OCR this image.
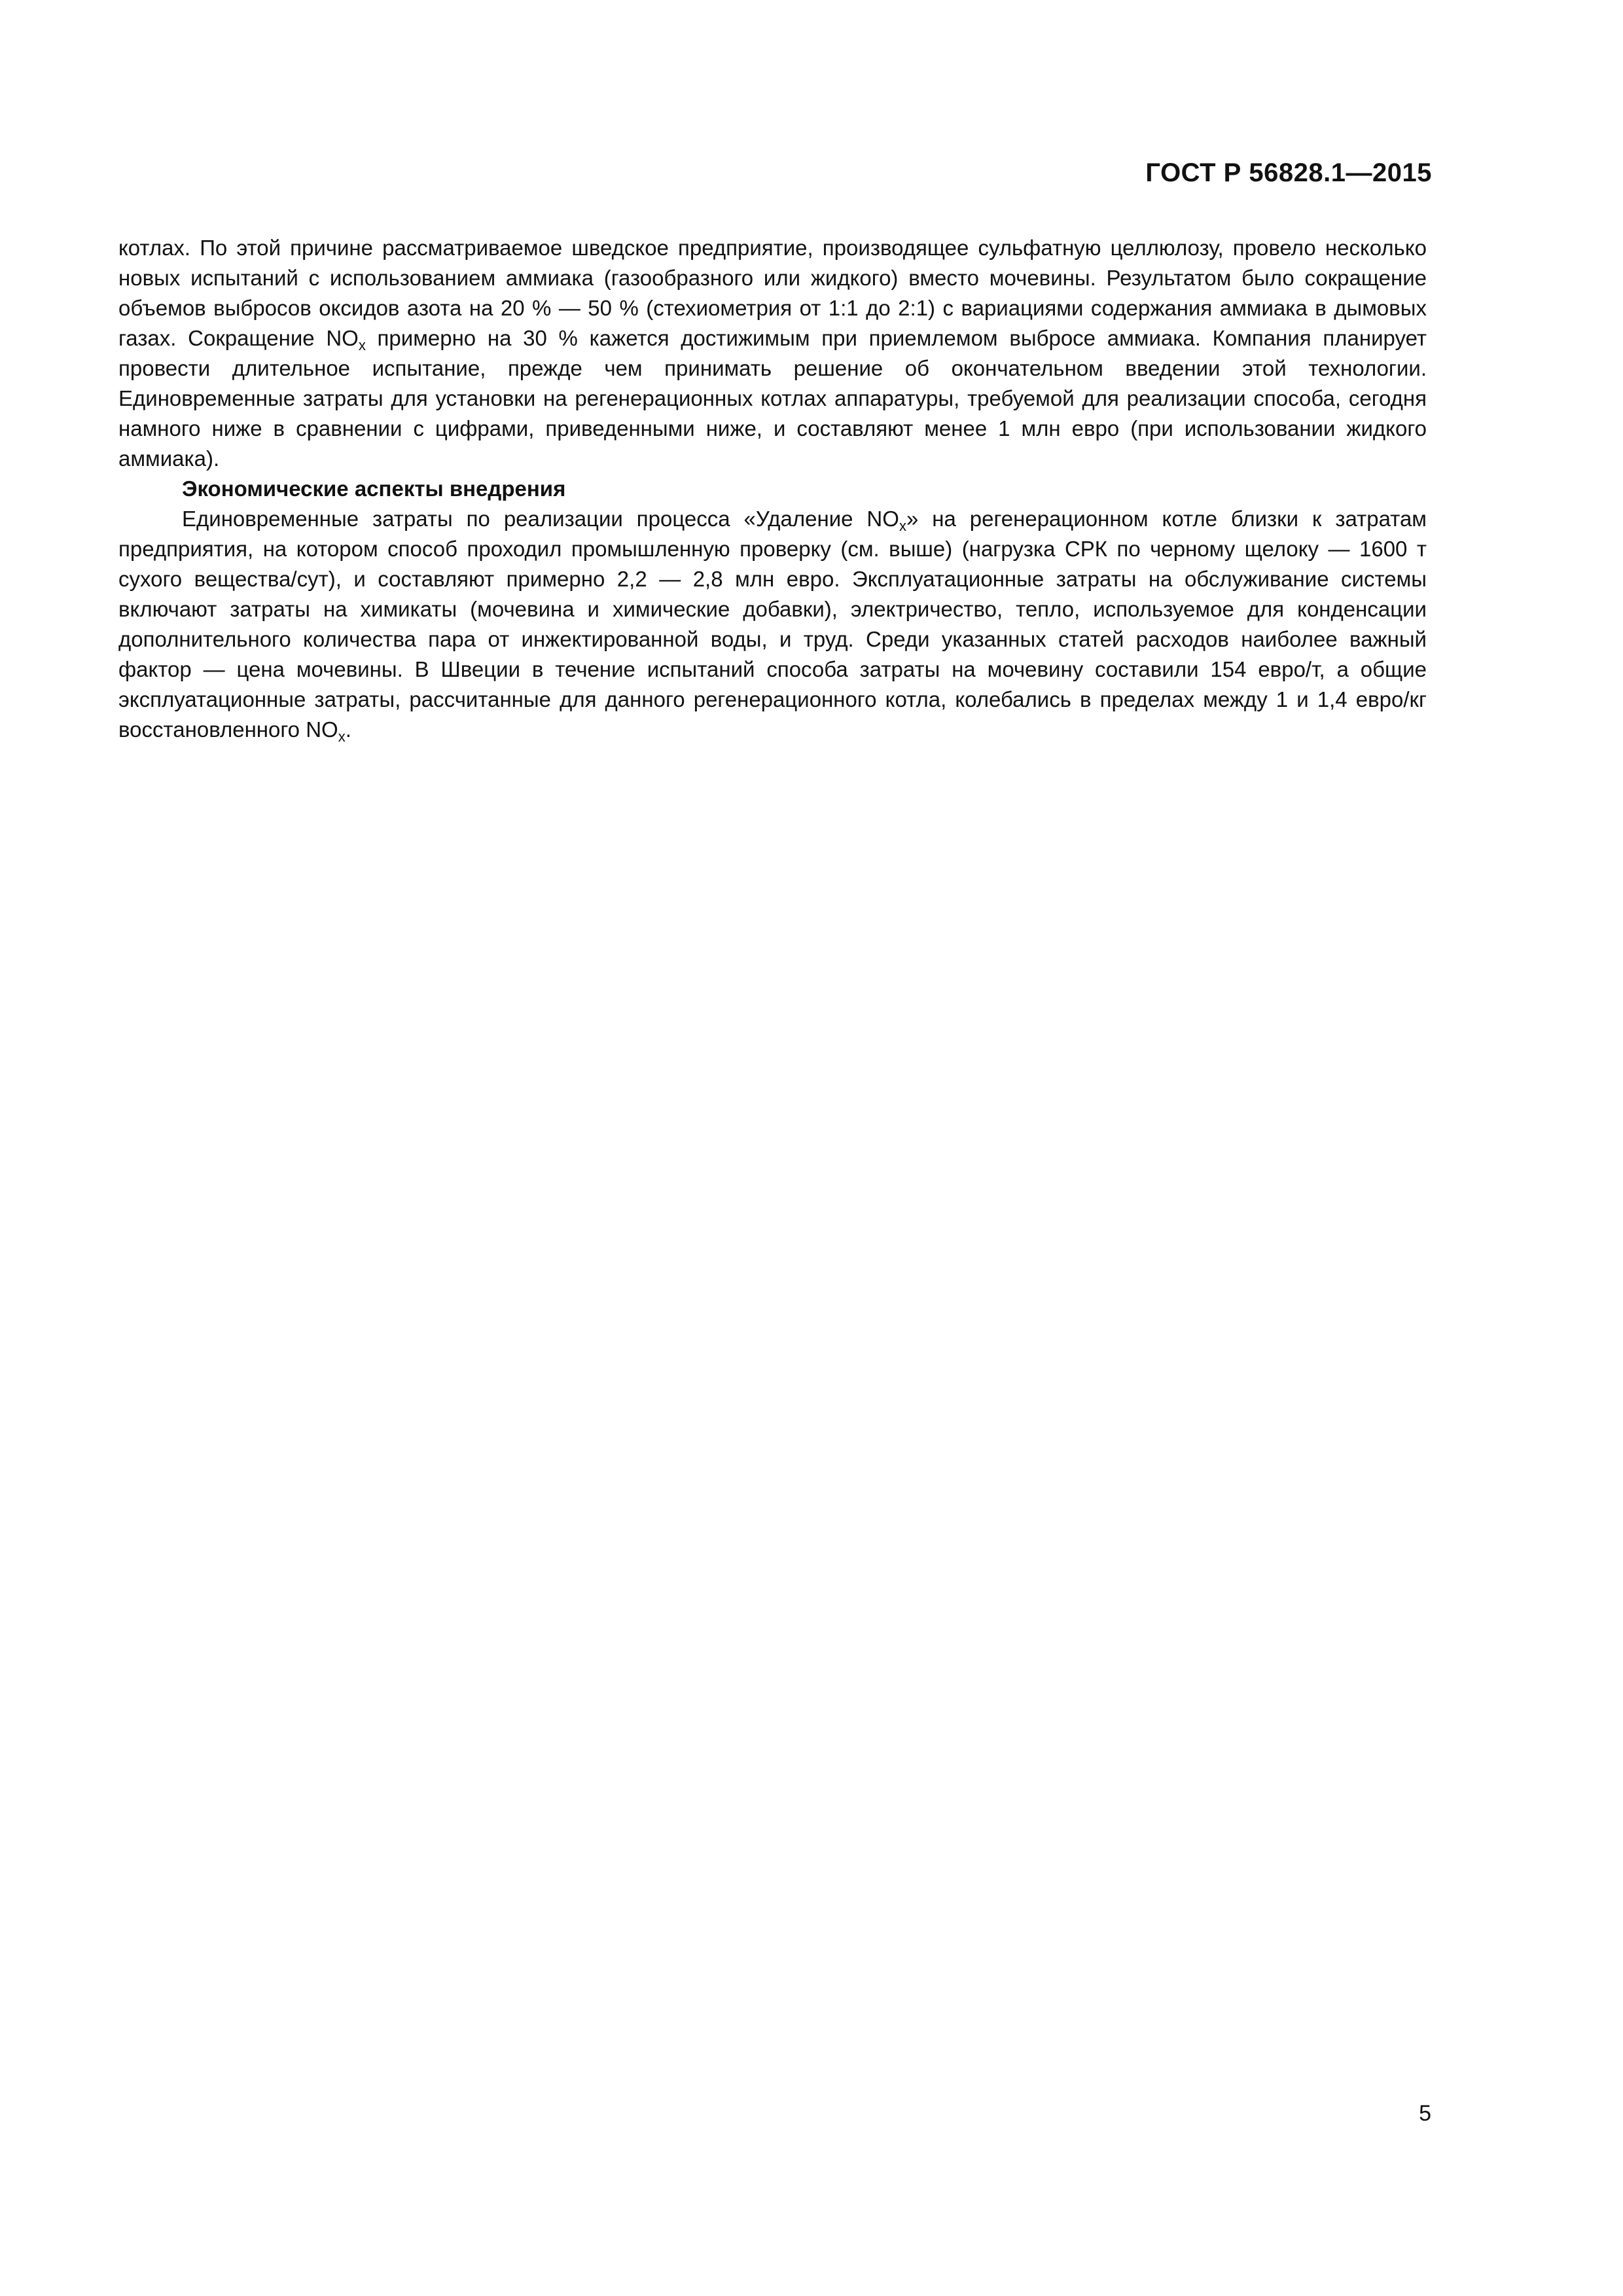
ГОСТ Р 56828.1—2015

котлах. По этой причине рассматриваемое шведское предприятие, производящее сульфатную целлюлозу, провело несколько новых испытаний с использованием аммиака (газообразного или жидкого) вместо мочевины. Результатом было сокращение объемов выбросов оксидов азота на 20 % — 50 % (стехиометрия от 1:1 до 2:1) с вариациями содержания аммиака в дымовых газах. Сокращение $NO_x$ примерно на 30 % кажется достижимым при приемлемом выбросе аммиака. Компания планирует провести длительное испытание, прежде чем принимать решение об окончательном введении этой технологии. Единовременные затраты для установки на регенерационных котлах аппаратуры, требуемой для реализации способа, сегодня намного ниже в сравнении с цифрами, приведенными ниже, и составляют менее 1 млн евро (при использовании жидкого аммиака).

Экономические аспекты внедрения

Единовременные затраты по реализации процесса «Удаление $NO_x$» на регенерационном котле близки к затратам предприятия, на котором способ проходил промышленную проверку (см. выше) (нагрузка СРК по черному щелоку — 1600 т сухого вещества/сут), и составляют примерно 2,2 — 2,8 млн евро. Эксплуатационные затраты на обслуживание системы включают затраты на химикаты (мочевина и химические добавки), электричество, тепло, используемое для конденсации дополнительного количества пара от инжектированной воды, и труд. Среди указанных статей расходов наиболее важный фактор — цена мочевины. В Швеции в течение испытаний способа затраты на мочевину составили 154 евро/т, а общие эксплуатационные затраты, рассчитанные для данного регенерационного котла, колебались в пределах между 1 и 1,4 евро/кг восстановленного $NO_x$.

5
